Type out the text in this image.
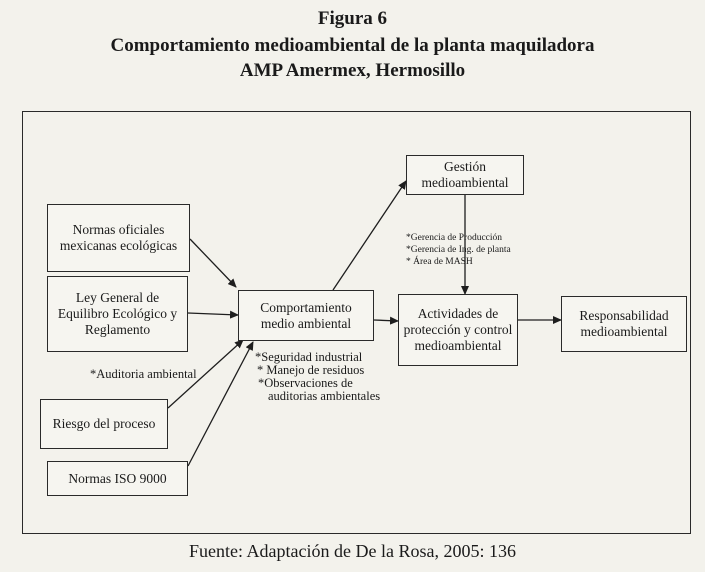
Figura 6
Comportamiento medioambiental de la planta maquiladora
AMP Amermex, Hermosillo
Normas oficiales mexicanas ecológicas
Ley General de Equilibro Ecológico y Reglamento
Riesgo del proceso
Normas ISO 9000
Comportamiento medio ambiental
Gestión medioambiental
Actividades de protección y control medioambiental
Responsabilidad medioambiental
*Auditoria ambiental
*Seguridad industrial
* Manejo de residuos
*Observaciones de
auditorias ambientales
*Gerencia de Producción
*Gerencia de Ing. de planta
* Área de MASH
Fuente: Adaptación de De la Rosa, 2005: 136
